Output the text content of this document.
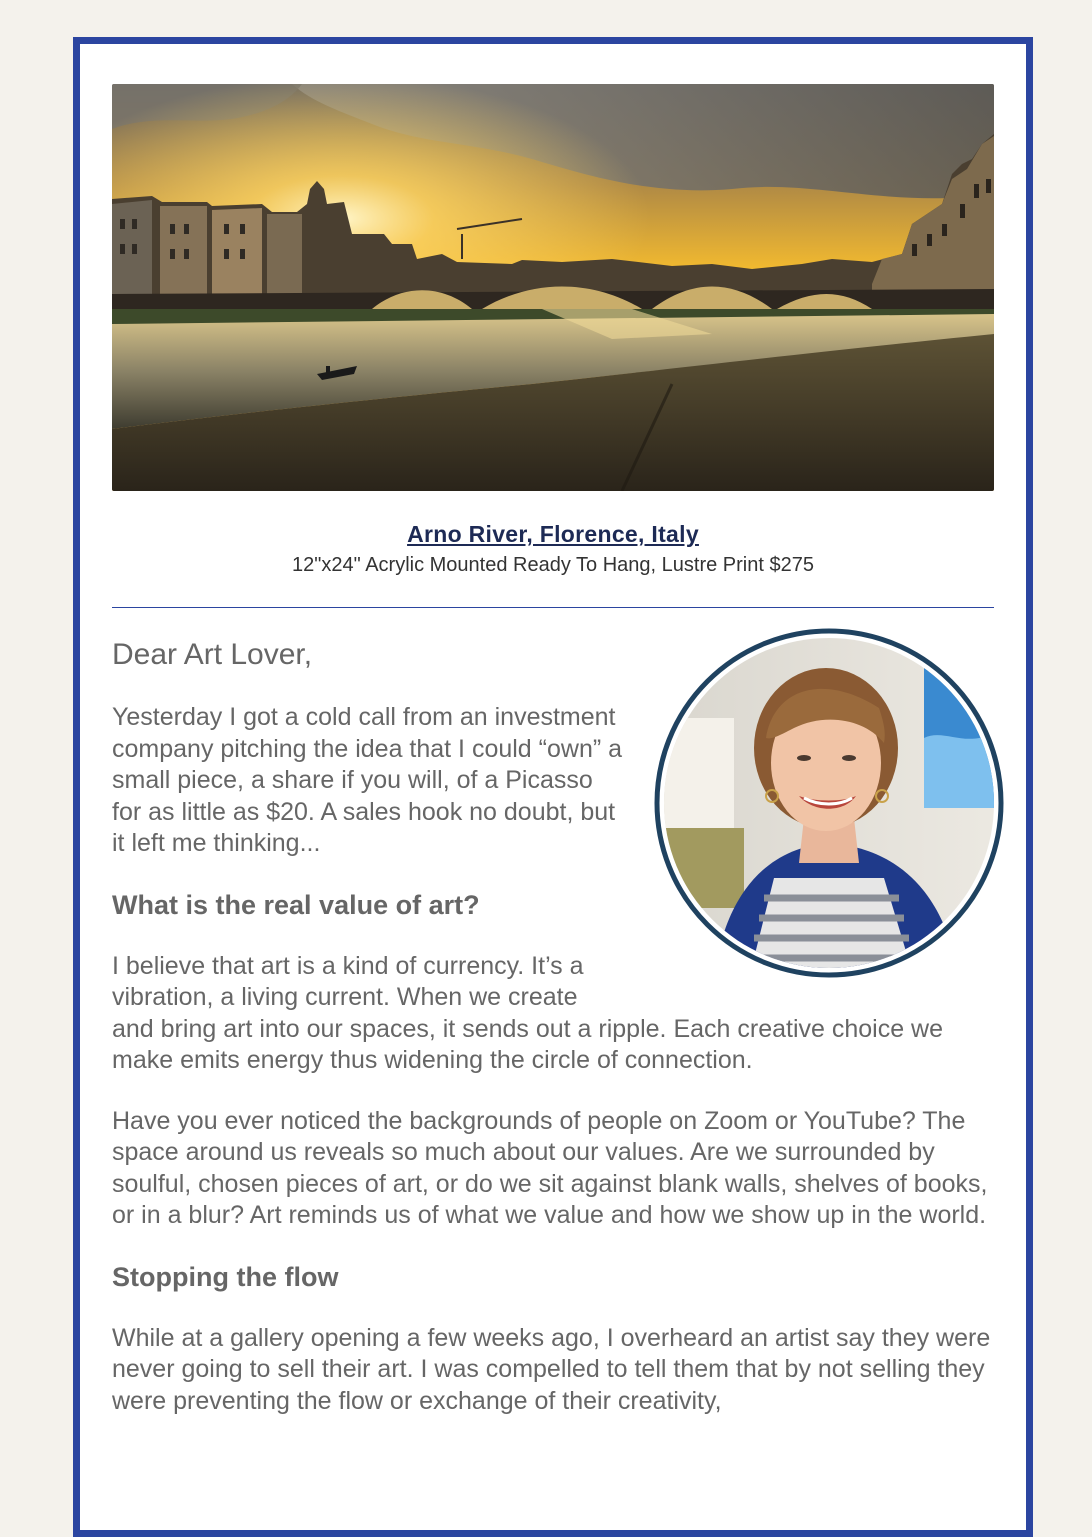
Arno River, Florence, Italy
12"x24" Acrylic Mounted Ready To Hang, Lustre Print $275
Dear Art Lover,

Yesterday I got a cold call from an investment company pitching the idea that I could “own” a small piece, a share if you will, of a Picasso for as little as $20. A sales hook no doubt, but it left me thinking...

What is the real value of art?

I believe that art is a kind of currency. It’s a vibration, a living current. When we create and bring art into our spaces, it sends out a ripple. Each creative choice we make emits energy thus widening the circle of connection.

Have you ever noticed the backgrounds of people on Zoom or YouTube? The space around us reveals so much about our values. Are we surrounded by soulful, chosen pieces of art, or do we sit against blank walls, shelves of books, or in a blur? Art reminds us of what we value and how we show up in the world.

Stopping the flow

While at a gallery opening a few weeks ago, I overheard an artist say they were never going to sell their art. I was compelled to tell them that by not selling they were preventing the flow or exchange of their creativity,
